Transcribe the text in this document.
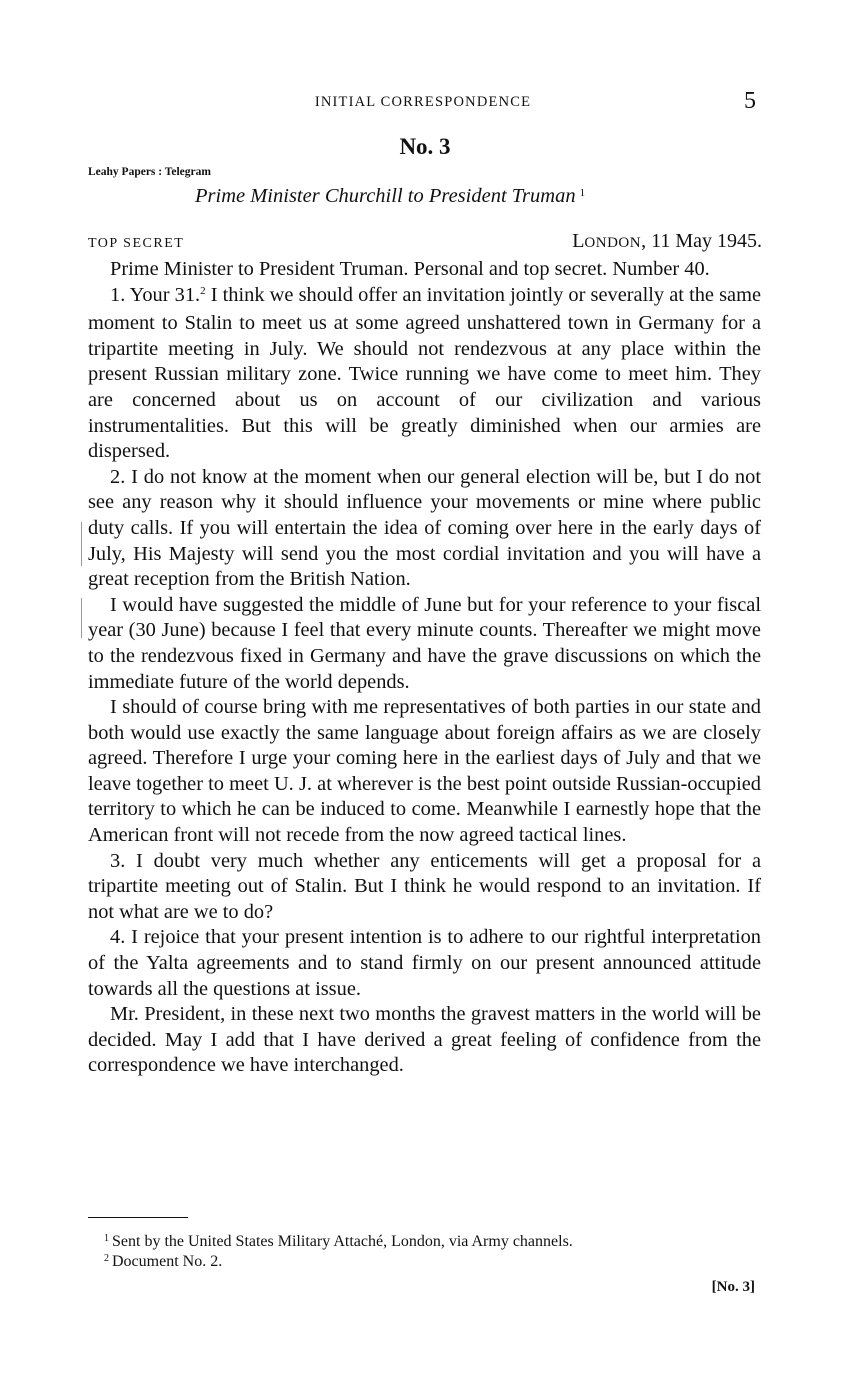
INITIAL CORRESPONDENCE	5
No. 3
Leahy Papers : Telegram
Prime Minister Churchill to President Truman $^1$
TOP SECRET	LONDON, 11 May 1945.

Prime Minister to President Truman. Personal and top secret. Number 40.

1. Your 31.$^2$ I think we should offer an invitation jointly or severally at the same moment to Stalin to meet us at some agreed unshattered town in Germany for a tripartite meeting in July. We should not rendezvous at any place within the present Russian military zone. Twice running we have come to meet him. They are concerned about us on account of our civilization and various instrumentalities. But this will be greatly diminished when our armies are dispersed.

2. I do not know at the moment when our general election will be, but I do not see any reason why it should influence your movements or mine where public duty calls. If you will entertain the idea of coming over here in the early days of July, His Majesty will send you the most cordial invitation and you will have a great reception from the British Nation.

I would have suggested the middle of June but for your reference to your fiscal year (30 June) because I feel that every minute counts. Thereafter we might move to the rendezvous fixed in Germany and have the grave discussions on which the immediate future of the world depends.

I should of course bring with me representatives of both parties in our state and both would use exactly the same language about foreign affairs as we are closely agreed. Therefore I urge your coming here in the earliest days of July and that we leave together to meet U. J. at wherever is the best point outside Russian-occupied territory to which he can be induced to come. Meanwhile I earnestly hope that the American front will not recede from the now agreed tactical lines.

3. I doubt very much whether any enticements will get a proposal for a tripartite meeting out of Stalin. But I think he would respond to an invitation. If not what are we to do?

4. I rejoice that your present intention is to adhere to our rightful interpretation of the Yalta agreements and to stand firmly on our present announced attitude towards all the questions at issue.

Mr. President, in these next two months the gravest matters in the world will be decided. May I add that I have derived a great feeling of confidence from the correspondence we have interchanged.

$^1$ Sent by the United States Military Attaché, London, via Army channels.
$^2$ Document No. 2.
[No. 3]
